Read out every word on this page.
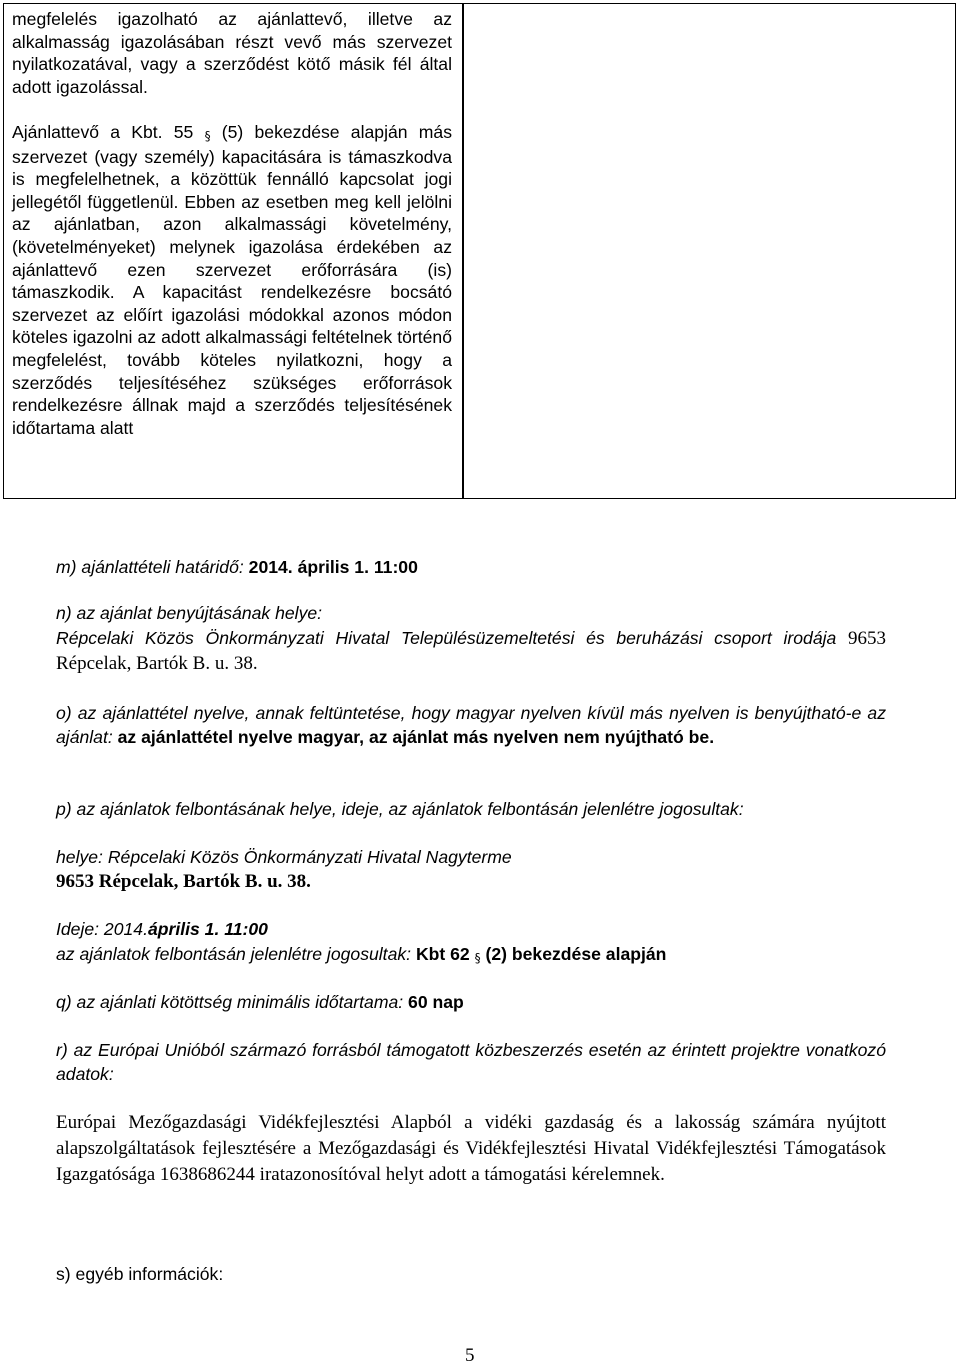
megfelelés igazolható az ajánlattevő, illetve az alkalmasság igazolásában részt vevő más szervezet nyilatkozatával, vagy a szerződést kötő másik fél által adott igazolással.

Ajánlattevő a Kbt. 55 § (5) bekezdése alapján más szervezet (vagy személy) kapacitására is támaszkodva is megfelelhetnek, a közöttük fennálló kapcsolat jogi jellegétől függetlenül. Ebben az esetben meg kell jelölni az ajánlatban, azon alkalmassági követelmény, (követelményeket) melynek igazolása érdekében az ajánlattevő ezen szervezet erőforrására (is) támaszkodik. A kapacitást rendelkezésre bocsátó szervezet az előírt igazolási módokkal azonos módon köteles igazolni az adott alkalmassági feltételnek történő megfelelést, tovább köteles nyilatkozni, hogy a szerződés teljesítéséhez szükséges erőforrások rendelkezésre állnak majd a szerződés teljesítésének időtartama alatt

m) ajánlattételi határidő: 2014. április 1. 11:00

n) az ajánlat benyújtásának helye:

Répcelaki Közös Önkormányzati Hivatal Településüzemeltetési és beruházási csoport irodája 9653 Répcelak, Bartók B. u. 38.

o) az ajánlattétel nyelve, annak feltüntetése, hogy magyar nyelven kívül más nyelven is benyújtható-e az ajánlat: az ajánlattétel nyelve magyar, az ajánlat más nyelven nem nyújtható be.

p) az ajánlatok felbontásának helye, ideje, az ajánlatok felbontásán jelenlétre jogosultak:

helye: Répcelaki Közös Önkormányzati Hivatal Nagyterme

9653 Répcelak, Bartók B. u. 38.

Ideje: 2014.április 1. 11:00

az ajánlatok felbontásán jelenlétre jogosultak: Kbt 62 § (2) bekezdése alapján

q) az ajánlati kötöttség minimális időtartama: 60 nap

r) az Európai Unióból származó forrásból támogatott közbeszerzés esetén az érintett projektre vonatkozó adatok:

Európai Mezőgazdasági Vidékfejlesztési Alapból a vidéki gazdaság és a lakosság számára nyújtott alapszolgáltatások fejlesztésére a Mezőgazdasági és Vidékfejlesztési Hivatal Vidékfejlesztési Támogatások Igazgatósága 1638686244 iratazonosítóval helyt adott a támogatási kérelemnek.

s) egyéb információk:

5
